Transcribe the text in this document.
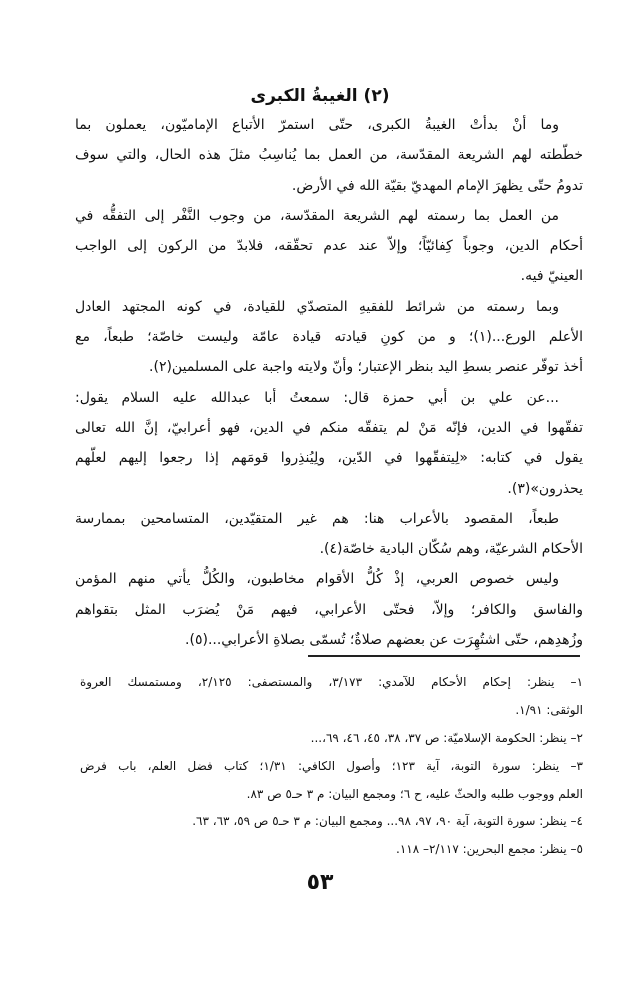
(٢) الغيبةُ الكبرى
وما أنْ بدأتْ الغيبةُ الكبرى، حتّى استمرّ الأتباع الإماميّون، يعملون بما
خطّطته لهم الشريعة المقدّسة، من العمل بما يُناسِبُ مثلَ هذه الحال، والتي سوف
تدومُ حتّى يظهرَ الإمام المهديّ بقيّة الله في الأرض.
من العمل بما رسمته لهم الشريعة المقدّسة، من وجوب النَّفْر إلى التفقُّه في
أحكام الدين، وجوباً كِفائيّاً؛ وإلاّ عند عدم تحقّقه، فلابدّ من الركون إلى الواجب
العينيّ فيه.
وبما رسمته من شرائط للفقيهِ المتصدّي للقيادة، في كونه المجتهد العادل
الأعلم الورع...(١)؛ و من كونِ قيادته قيادة عامّة وليست خاصّة؛ طبعاً، مع
أخذ توفّر عنصر بسطِ اليد بنظر الإعتبار؛ وأنّ ولايته واجبة على المسلمين(٢).
...عن علي بن أبي حمزة قال: سمعتُ أبا عبدالله عليه السلام يقول:
تفقّهوا في الدين، فإنّه مَنْ لم يتفقّه منكم في الدين، فهو أعرابيّ، إنَّ الله تعالى
يقول في كتابه: «لِيتفقّهوا في الدّين، ولِيُنذِروا قومَهم إذا رجعوا إليهم لعلّهم
يحذرون»(٣).
طبعاً، المقصود بالأعراب هنا: هم غير المتقيّدين، المتسامحين بممارسة
الأحكام الشرعيّة، وهم سُكّان البادية خاصّة(٤).
وليس خصوص العربي، إذْ كُلُّ الأقوام مخاطبون، والكُلُّ يأتي منهم المؤمن
والفاسق والكافر؛ وإلاّ، فحتّى الأعرابي، فيهم مَنْ يُضرَب المثل بتقواهم
وزُهدِهم، حتّى اشتُهِرَت عن بعضهم صلاةٌ؛ تُسمّى بصلاةِ الأعرابي...(٥).
١– ينظر: إحكام الأحكام للآمدي: ٣/١٧٣، والمستصفى: ٢/١٢٥، ومستمسك العروة
الوثقى: ١/٩١.
٢– ينظر: الحكومة الإسلاميّة: ص ٣٧، ٣٨، ٤٥، ٤٦، ٦٩،...
٣– ينظر: سورة التوبة، آية ١٢٣؛ وأصول الكافي: ١/٣١؛ كتاب فضل العلم، باب فرض
العلم ووجوب طلبه والحثّ عليه، ح ٦؛ ومجمع البيان: م ٣ حـ٥ ص ٨٣.
٤– ينظر: سورة التوبة، آية ٩٠، ٩٧، ٩٨... ومجمع البيان: م ٣ حـ٥ ص ٥٩، ٦٣، ٦٣.
٥– ينظر: مجمع البحرين: ٢/١١٧– ١١٨.
٥٣
